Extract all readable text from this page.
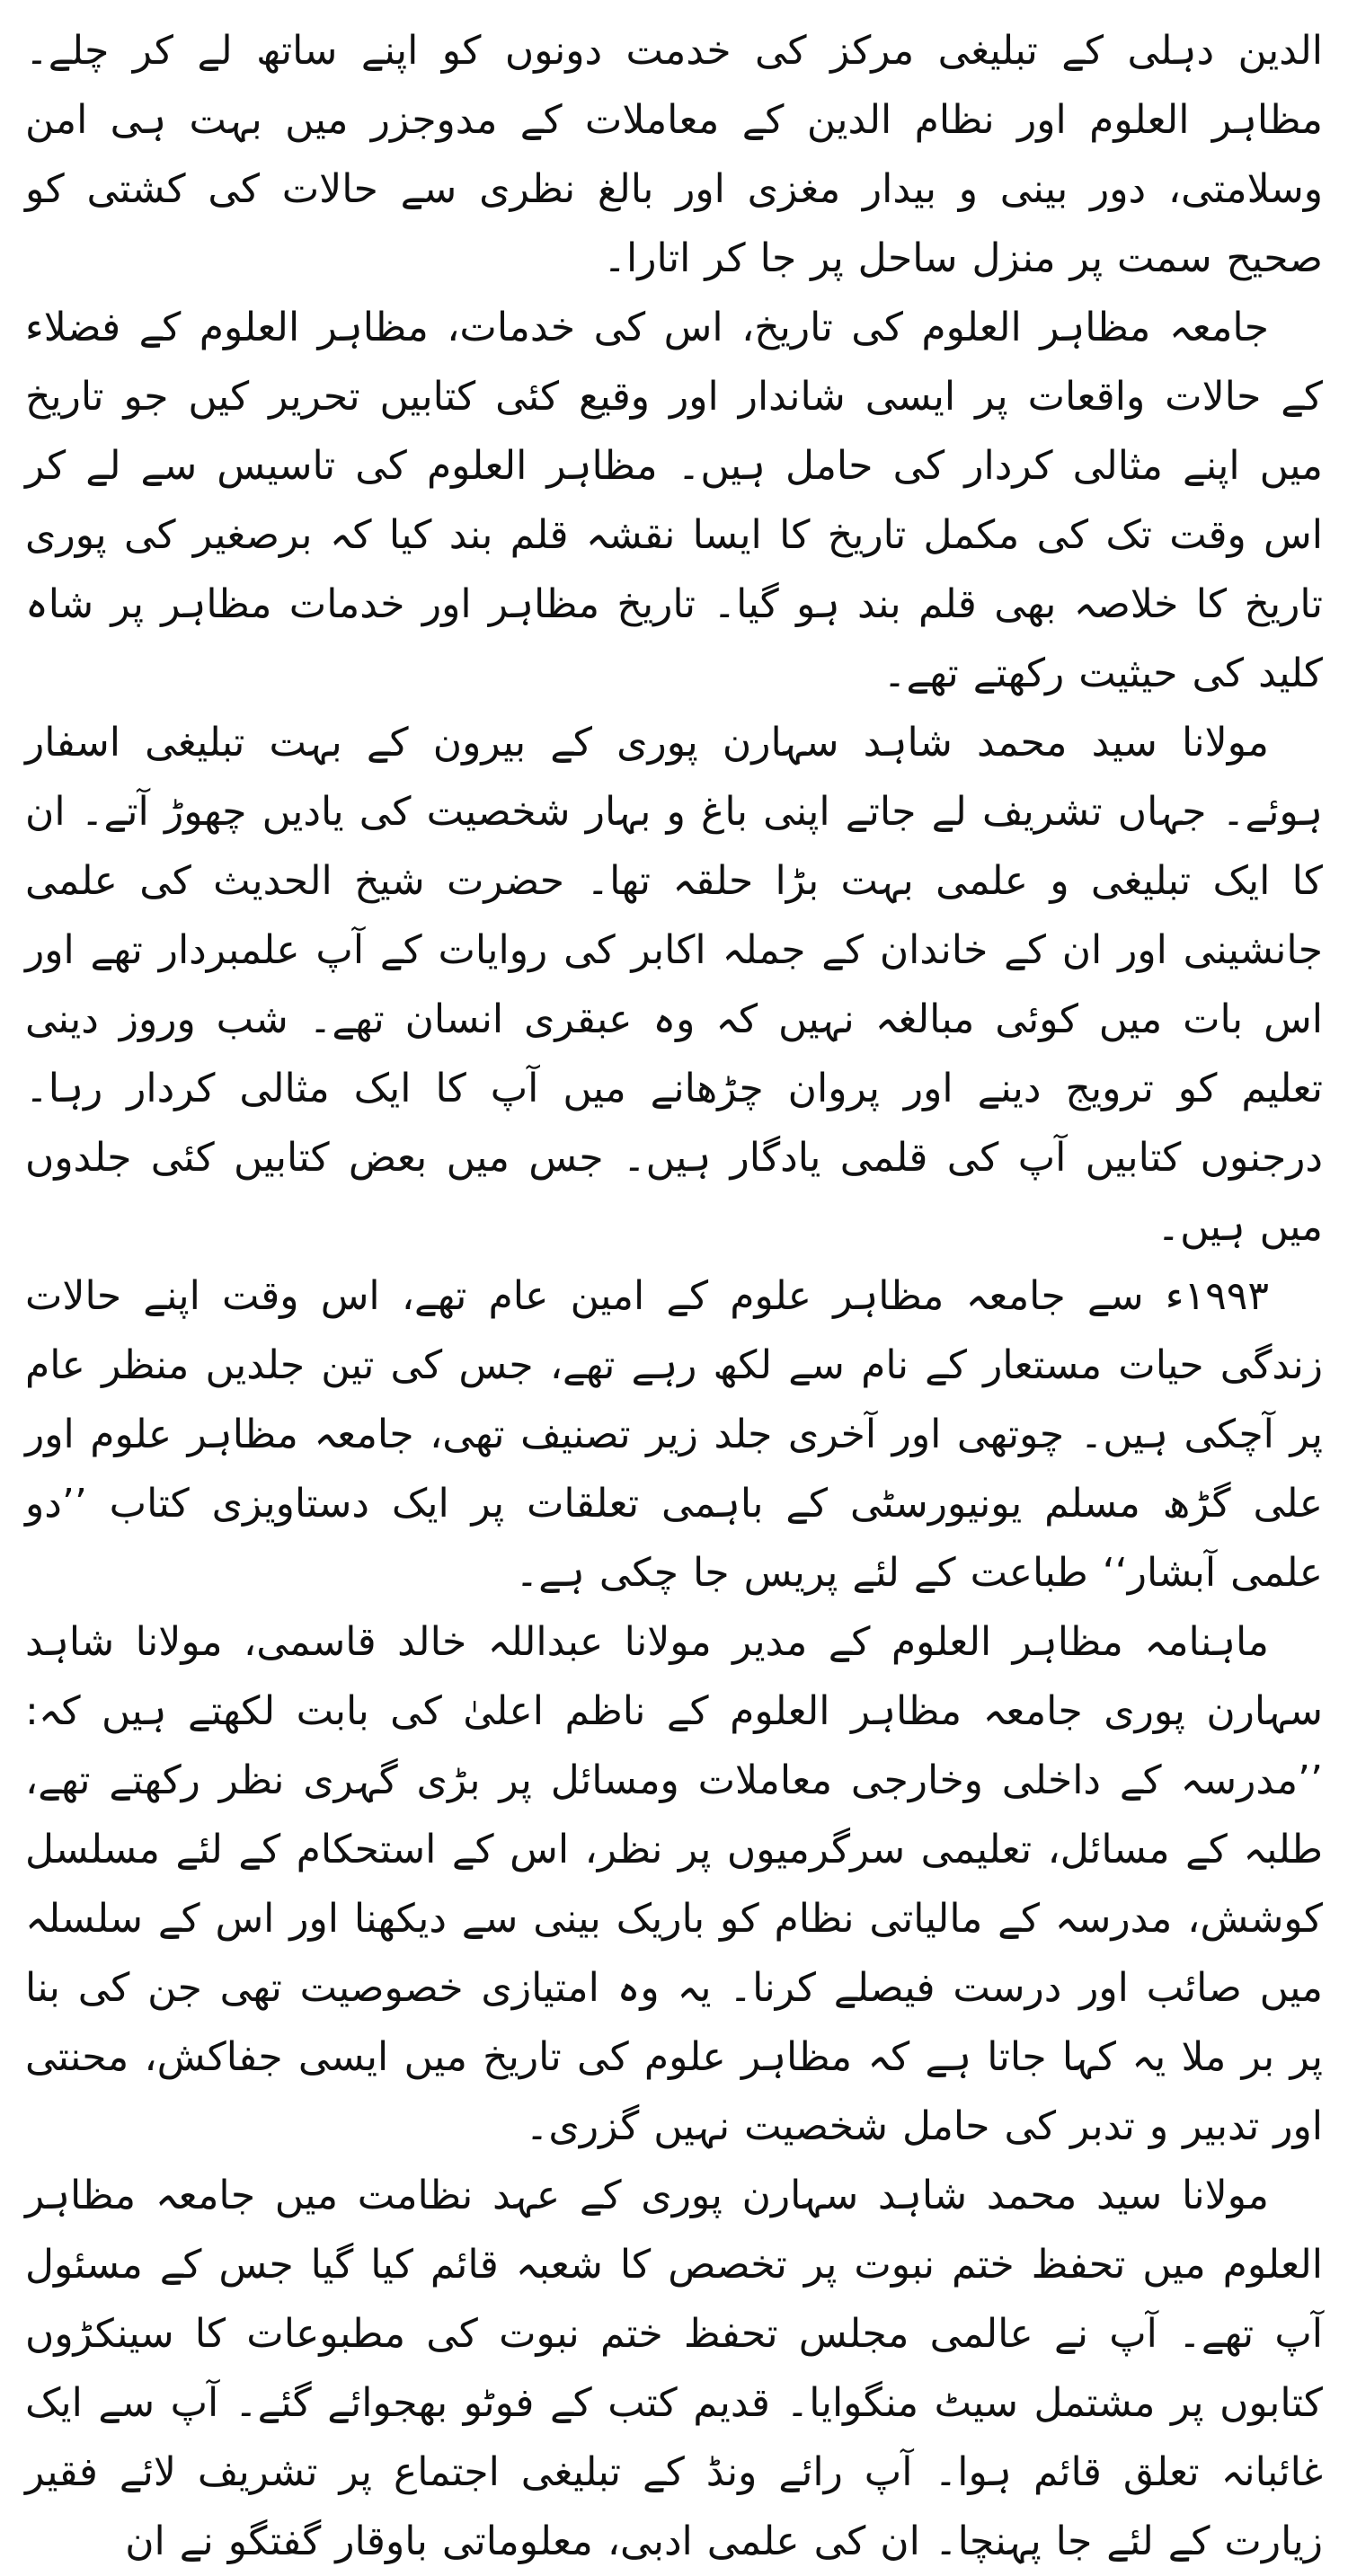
الدین دہلی کے تبلیغی مرکز کی خدمت دونوں کو اپنے ساتھ لے کر چلے۔ مظاہر العلوم اور نظام الدین کے معاملات کے مدوجزر میں بہت ہی امن وسلامتی، دور بینی و بیدار مغزی اور بالغ نظری سے حالات کی کشتی کو صحیح سمت پر منزل ساحل پر جا کر اتارا۔

جامعہ مظاہر العلوم کی تاریخ، اس کی خدمات، مظاہر العلوم کے فضلاء کے حالات واقعات پر ایسی شاندار اور وقیع کئی کتابیں تحریر کیں جو تاریخ میں اپنے مثالی کردار کی حامل ہیں۔ مظاہر العلوم کی تاسیس سے لے کر اس وقت تک کی مکمل تاریخ کا ایسا نقشہ قلم بند کیا کہ برصغیر کی پوری تاریخ کا خلاصہ بھی قلم بند ہو گیا۔ تاریخ مظاہر اور خدمات مظاہر پر شاہ کلید کی حیثیت رکھتے تھے۔

مولانا سید محمد شاہد سہارن پوری کے بیرون کے بہت تبلیغی اسفار ہوئے۔ جہاں تشریف لے جاتے اپنی باغ و بہار شخصیت کی یادیں چھوڑ آتے۔ ان کا ایک تبلیغی و علمی بہت بڑا حلقہ تھا۔ حضرت شیخ الحدیث کی علمی جانشینی اور ان کے خاندان کے جملہ اکابر کی روایات کے آپ علمبردار تھے اور اس بات میں کوئی مبالغہ نہیں کہ وہ عبقری انسان تھے۔ شب وروز دینی تعلیم کو ترویج دینے اور پروان چڑھانے میں آپ کا ایک مثالی کردار رہا۔ درجنوں کتابیں آپ کی قلمی یادگار ہیں۔ جس میں بعض کتابیں کئی جلدوں میں ہیں۔

۱۹۹۳ء سے جامعہ مظاہر علوم کے امین عام تھے، اس وقت اپنے حالات زندگی حیات مستعار کے نام سے لکھ رہے تھے، جس کی تین جلدیں منظر عام پر آچکی ہیں۔ چوتھی اور آخری جلد زیر تصنیف تھی، جامعہ مظاہر علوم اور علی گڑھ مسلم یونیورسٹی کے باہمی تعلقات پر ایک دستاویزی کتاب ’’دو علمی آبشار‘‘ طباعت کے لئے پریس جا چکی ہے۔

ماہنامہ مظاہر العلوم کے مدیر مولانا عبداللہ خالد قاسمی، مولانا شاہد سہارن پوری جامعہ مظاہر العلوم کے ناظم اعلیٰ کی بابت لکھتے ہیں کہ: ’’مدرسہ کے داخلی وخارجی معاملات ومسائل پر بڑی گہری نظر رکھتے تھے، طلبہ کے مسائل، تعلیمی سرگرمیوں پر نظر، اس کے استحکام کے لئے مسلسل کوشش، مدرسہ کے مالیاتی نظام کو باریک بینی سے دیکھنا اور اس کے سلسلہ میں صائب اور درست فیصلے کرنا۔ یہ وہ امتیازی خصوصیت تھی جن کی بنا پر بر ملا یہ کہا جاتا ہے کہ مظاہر علوم کی تاریخ میں ایسی جفاکش، محنتی اور تدبیر و تدبر کی حامل شخصیت نہیں گزری۔

مولانا سید محمد شاہد سہارن پوری کے عہد نظامت میں جامعہ مظاہر العلوم میں تحفظ ختم نبوت پر تخصص کا شعبہ قائم کیا گیا جس کے مسئول آپ تھے۔ آپ نے عالمی مجلس تحفظ ختم نبوت کی مطبوعات کا سینکڑوں کتابوں پر مشتمل سیٹ منگوایا۔ قدیم کتب کے فوٹو بھجوائے گئے۔ آپ سے ایک غائبانہ تعلق قائم ہوا۔ آپ رائے ونڈ کے تبلیغی اجتماع پر تشریف لائے فقیر زیارت کے لئے جا پہنچا۔ ان کی علمی ادبی، معلوماتی باوقار گفتگو نے ان
